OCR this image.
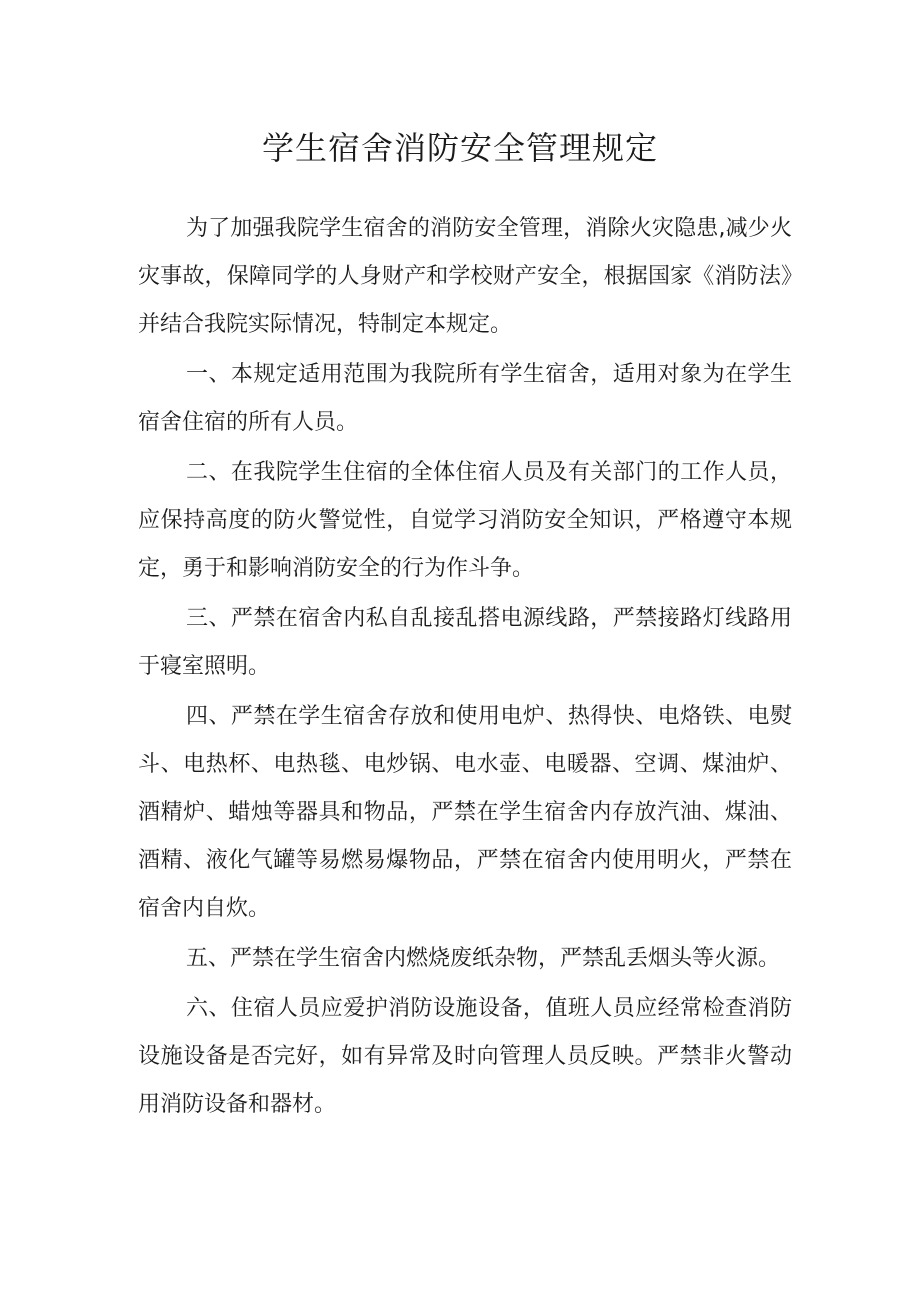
学生宿舍消防安全管理规定

为了加强我院学生宿舍的消防安全管理，消除火灾隐患,减少火灾事故，保障同学的人身财产和学校财产安全，根据国家《消防法》并结合我院实际情况，特制定本规定。

一、本规定适用范围为我院所有学生宿舍，适用对象为在学生宿舍住宿的所有人员。

二、在我院学生住宿的全体住宿人员及有关部门的工作人员，应保持高度的防火警觉性，自觉学习消防安全知识，严格遵守本规定，勇于和影响消防安全的行为作斗争。

三、严禁在宿舍内私自乱接乱搭电源线路，严禁接路灯线路用于寝室照明。

四、严禁在学生宿舍存放和使用电炉、热得快、电烙铁、电熨斗、电热杯、电热毯、电炒锅、电水壶、电暖器、空调、煤油炉、酒精炉、蜡烛等器具和物品，严禁在学生宿舍内存放汽油、煤油、酒精、液化气罐等易燃易爆物品，严禁在宿舍内使用明火，严禁在宿舍内自炊。

五、严禁在学生宿舍内燃烧废纸杂物，严禁乱丢烟头等火源。

六、住宿人员应爱护消防设施设备，值班人员应经常检查消防设施设备是否完好，如有异常及时向管理人员反映。严禁非火警动用消防设备和器材。
